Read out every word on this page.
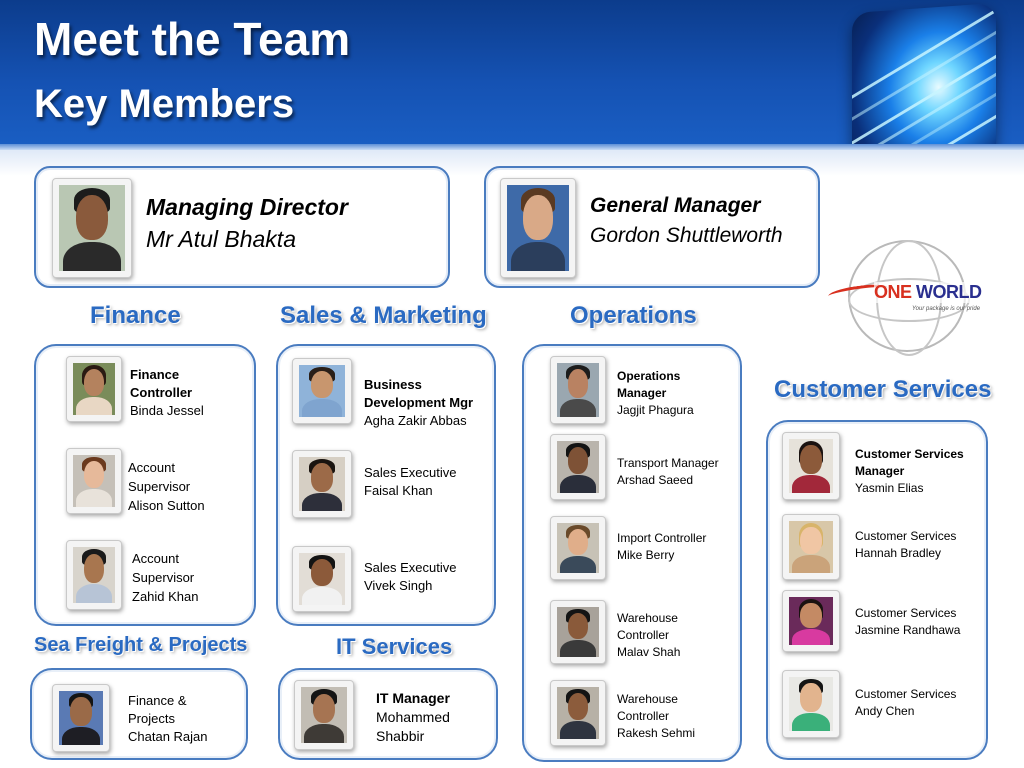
Meet the Team
Key Members
Managing Director
Mr Atul Bhakta
General Manager
Gordon Shuttleworth
ONE WORLD
Your package is our pride
Finance	Sales & Marketing	Operations
Customer Services
Sea Freight & Projects	IT Services
Finance
Controller
Binda Jessel
Account
Supervisor
Alison Sutton
Account
Supervisor
Zahid Khan
Business
Development Mgr
Agha Zakir Abbas
Sales Executive
Faisal Khan
Sales Executive
Vivek Singh
Operations
Manager
Jagjit Phagura
Transport Manager
Arshad Saeed
Import Controller
Mike Berry
Warehouse
Controller
Malav Shah
Warehouse
Controller
Rakesh Sehmi
Customer Services
Manager
Yasmin Elias
Customer Services
Hannah Bradley
Customer Services
Jasmine Randhawa
Customer Services
Andy Chen
Finance &
Projects
Chatan Rajan
IT Manager
Mohammed
Shabbir
